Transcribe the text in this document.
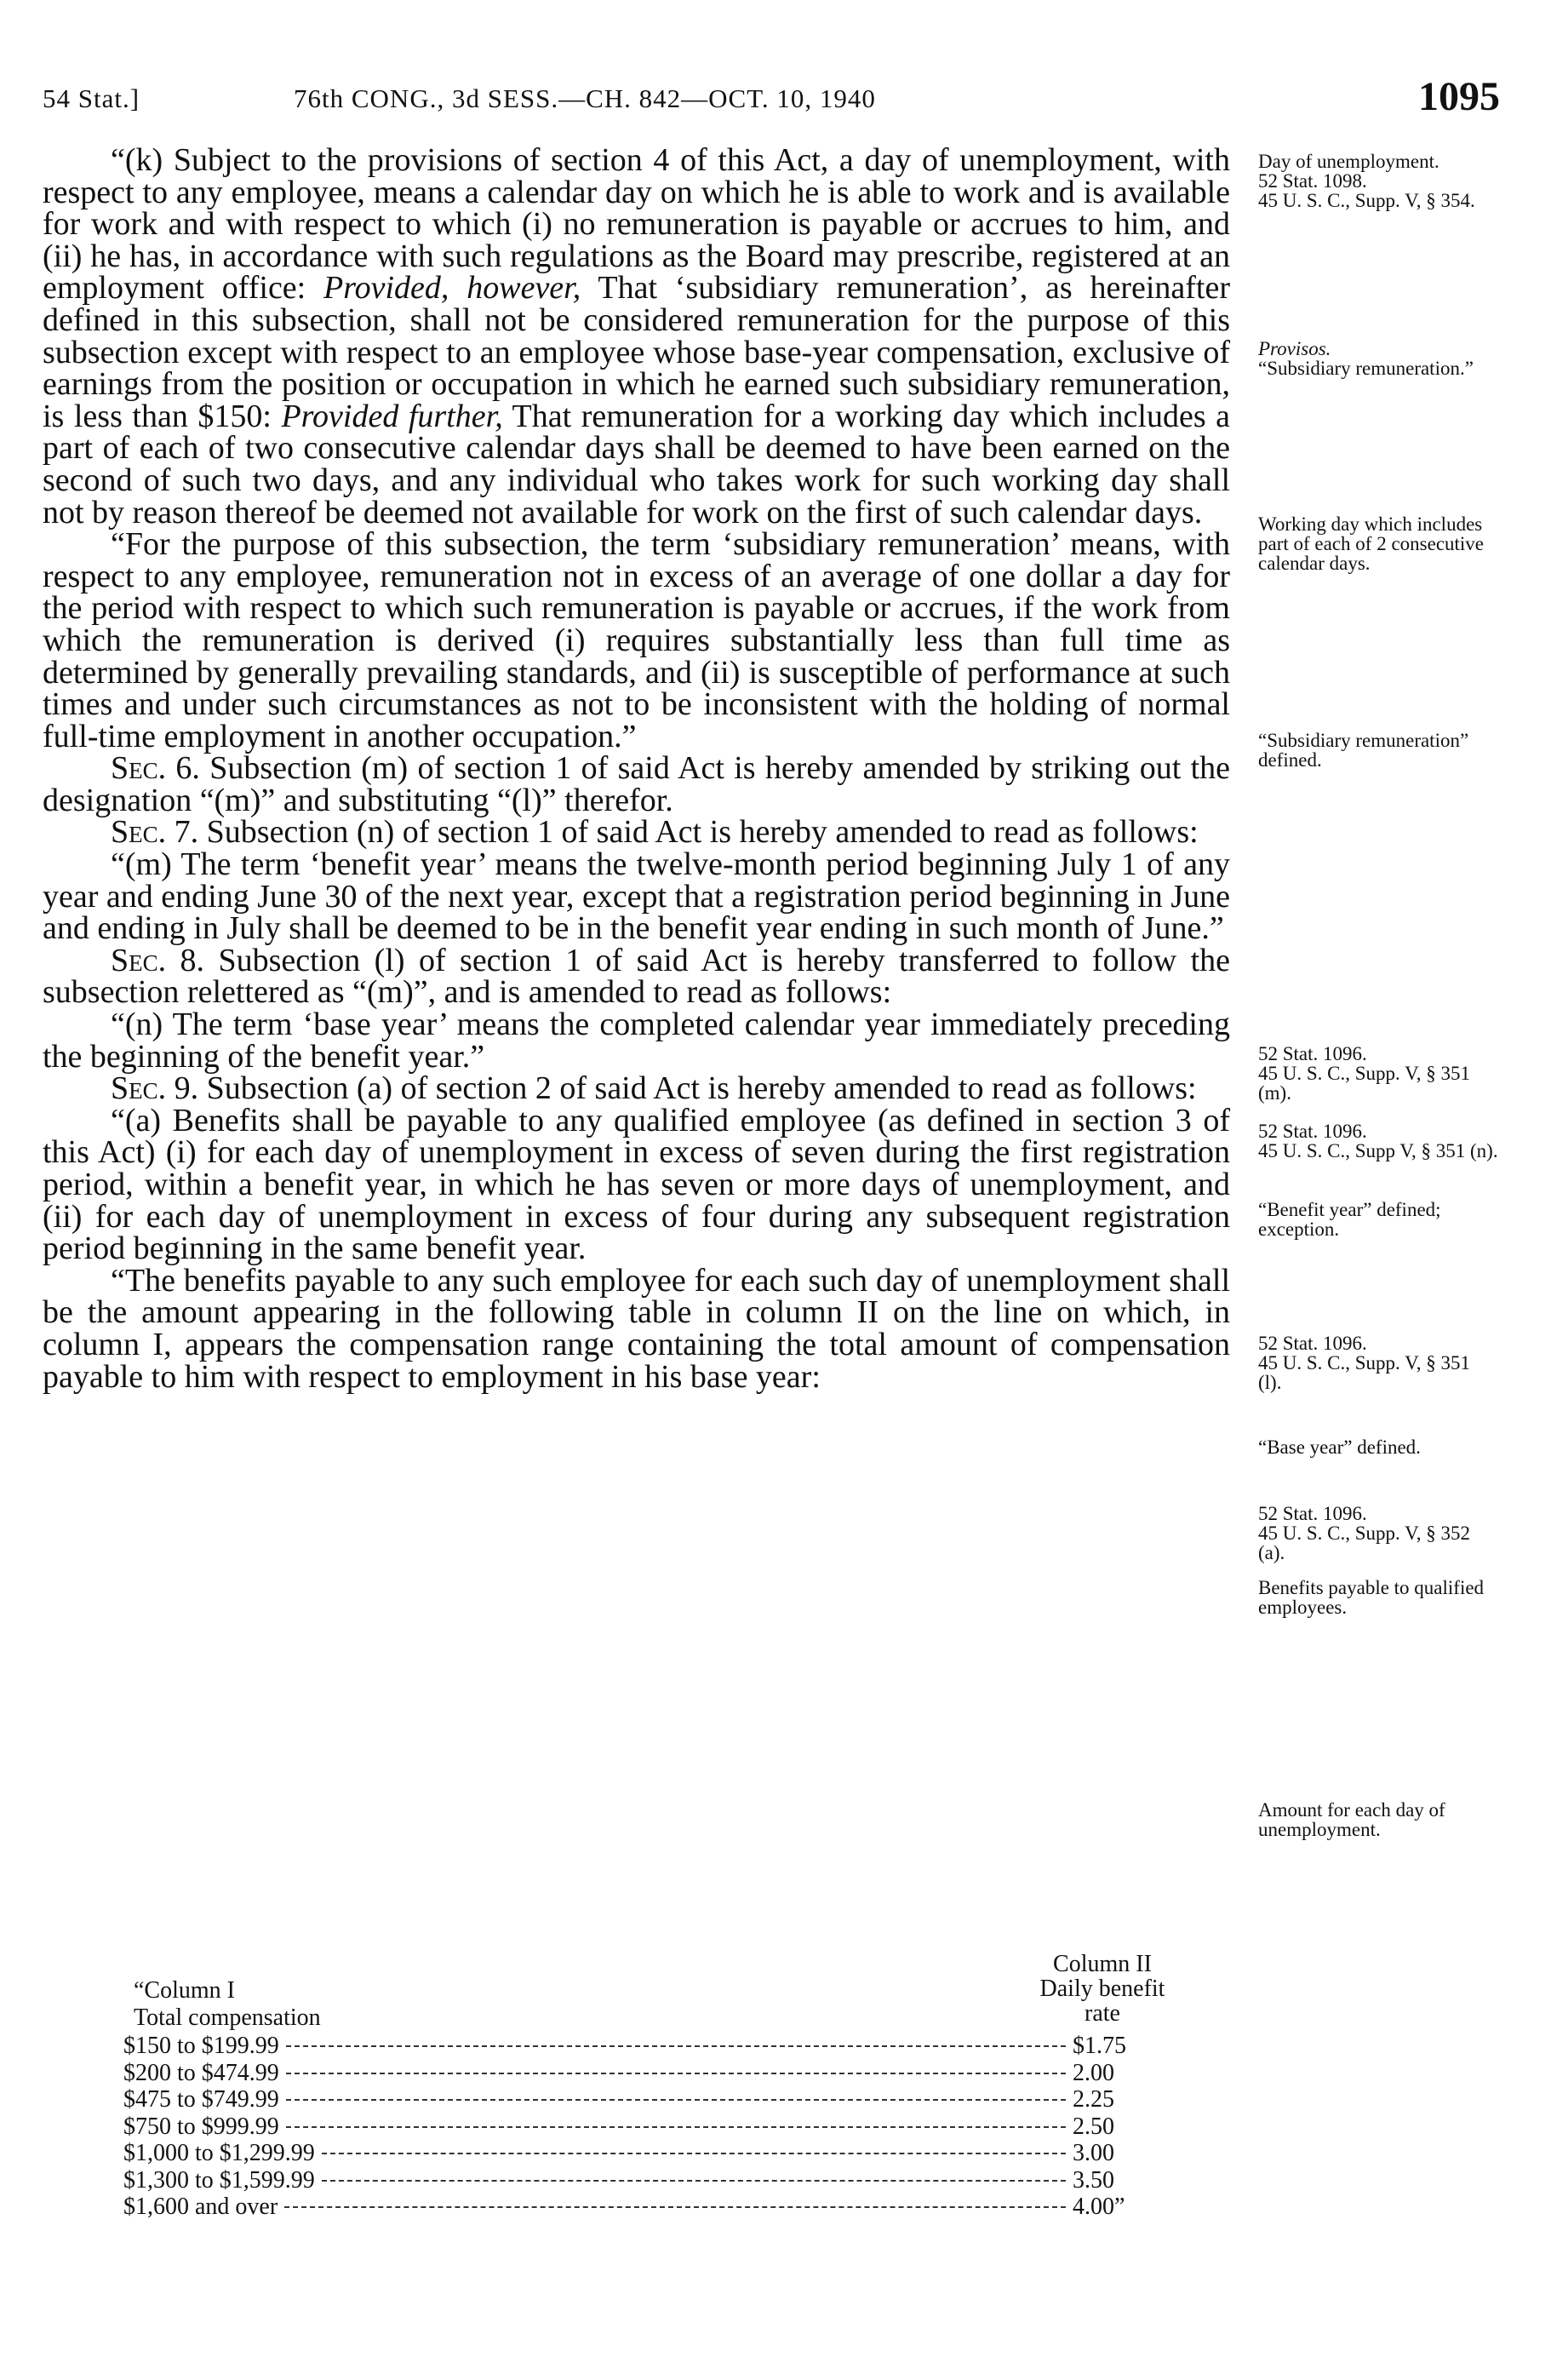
54 Stat.]	76th CONG., 3d SESS.—CH. 842—OCT. 10, 1940	1095

“(k) Subject to the provisions of section 4 of this Act, a day of unemployment, with respect to any employee, means a calendar day on which he is able to work and is available for work and with respect to which (i) no remuneration is payable or accrues to him, and (ii) he has, in accordance with such regulations as the Board may prescribe, registered at an employment office: Provided, however, That ‘subsidiary remuneration’, as hereinafter defined in this subsection, shall not be considered remuneration for the purpose of this subsection except with respect to an employee whose base-year compensation, exclusive of earnings from the position or occupation in which he earned such subsidiary remuneration, is less than $150: Provided further, That remuneration for a working day which includes a part of each of two consecutive calendar days shall be deemed to have been earned on the second of such two days, and any individual who takes work for such working day shall not by reason thereof be deemed not available for work on the first of such calendar days.

“For the purpose of this subsection, the term ‘subsidiary remuneration’ means, with respect to any employee, remuneration not in excess of an average of one dollar a day for the period with respect to which such remuneration is payable or accrues, if the work from which the remuneration is derived (i) requires substantially less than full time as determined by generally prevailing standards, and (ii) is susceptible of performance at such times and under such circumstances as not to be inconsistent with the holding of normal full-time employment in another occupation.”

Sec. 6. Subsection (m) of section 1 of said Act is hereby amended by striking out the designation “(m)” and substituting “(l)” therefor.

Sec. 7. Subsection (n) of section 1 of said Act is hereby amended to read as follows:

“(m) The term ‘benefit year’ means the twelve-month period beginning July 1 of any year and ending June 30 of the next year, except that a registration period beginning in June and ending in July shall be deemed to be in the benefit year ending in such month of June.”

Sec. 8. Subsection (l) of section 1 of said Act is hereby transferred to follow the subsection relettered as “(m)”, and is amended to read as follows:

“(n) The term ‘base year’ means the completed calendar year immediately preceding the beginning of the benefit year.”

Sec. 9. Subsection (a) of section 2 of said Act is hereby amended to read as follows:

“(a) Benefits shall be payable to any qualified employee (as defined in section 3 of this Act) (i) for each day of unemployment in excess of seven during the first registration period, within a benefit year, in which he has seven or more days of unemployment, and (ii) for each day of unemployment in excess of four during any subsequent registration period beginning in the same benefit year.

“The benefits payable to any such employee for each such day of unemployment shall be the amount appearing in the following table in column II on the line on which, in column I, appears the compensation range containing the total amount of compensation payable to him with respect to employment in his base year:

Day of unemployment.
52 Stat. 1098.
45 U. S. C., Supp. V, § 354.
Provisos.
“Subsidiary remuneration.”
Working day which includes part of each of 2 consecutive calendar days.
“Subsidiary remuneration” defined.
52 Stat. 1096.
45 U. S. C., Supp. V, § 351 (m).
52 Stat. 1096.
45 U. S. C., Supp V, § 351 (n).
“Benefit year” defined; exception.
52 Stat. 1096.
45 U. S. C., Supp. V, § 351 (l).
“Base year” defined.
52 Stat. 1096.
45 U. S. C., Supp. V, § 352 (a).
Benefits payable to qualified employees.
Amount for each day of unemployment.
“Column I
Total compensation
Column II
Daily benefit
rate
$150 to $199.99	$1.75
$200 to $474.99	2.00
$475 to $749.99	2.25
$750 to $999.99	2.50
$1,000 to $1,299.99	3.00
$1,300 to $1,599.99	3.50
$1,600 and over	4.00”
